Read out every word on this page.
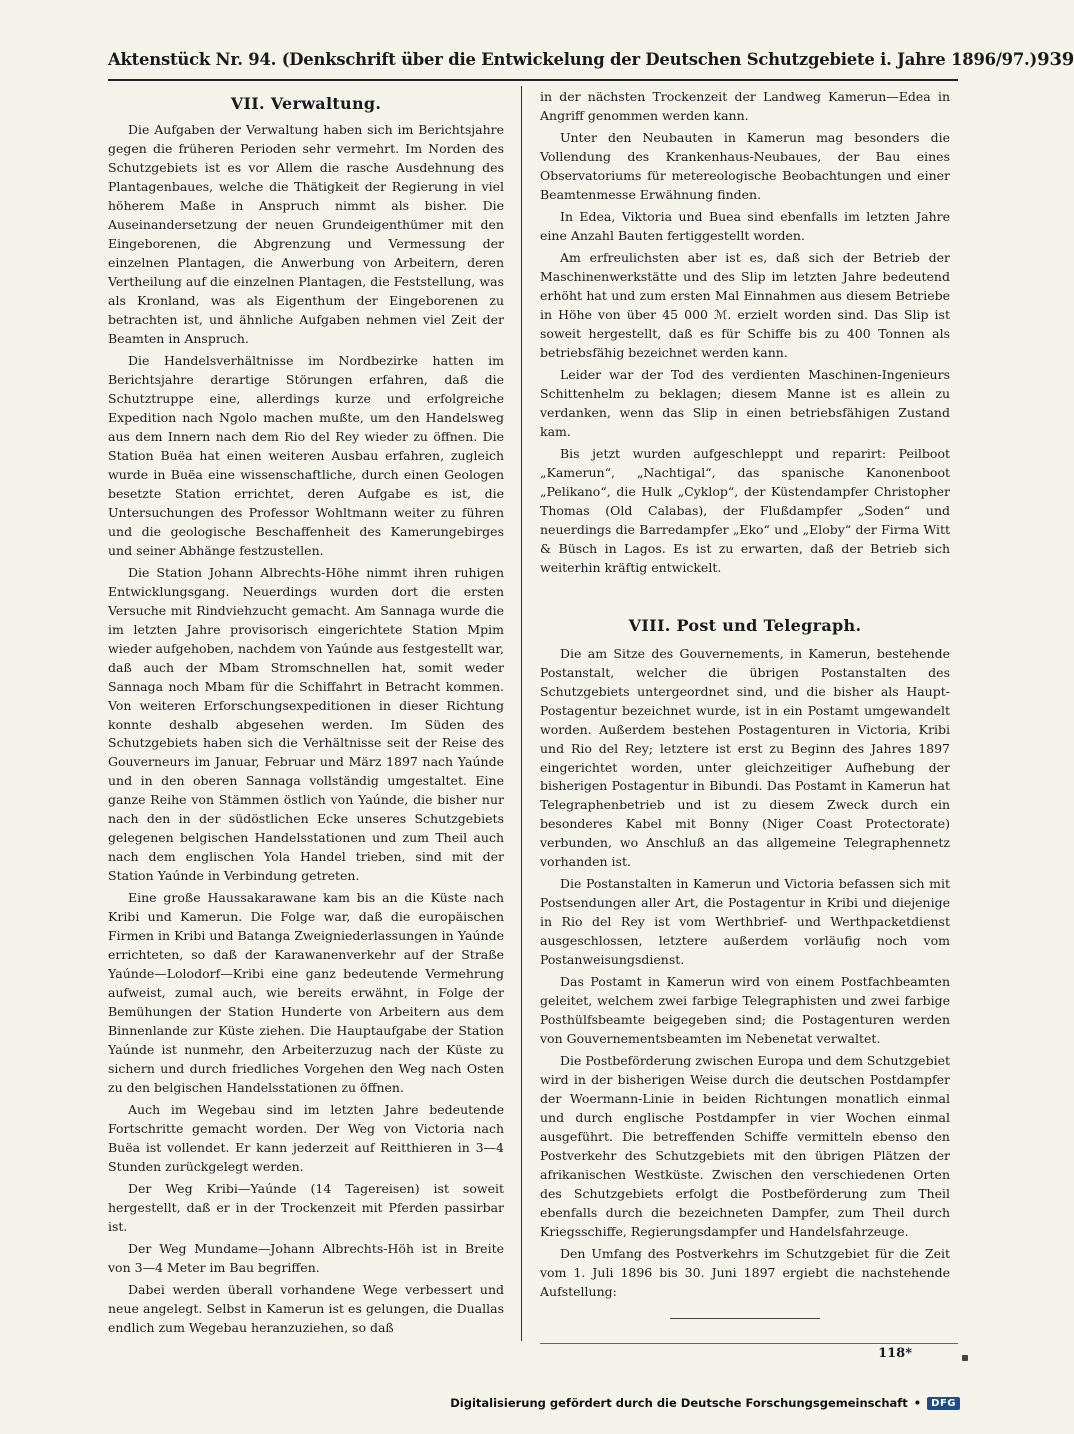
Aktenstück Nr. 94. (Denkschrift über die Entwickelung der Deutschen Schutzgebiete i. Jahre 1896/97.) 939
VII. Verwaltung.

Die Aufgaben der Verwaltung haben sich im Berichtsjahre gegen die früheren Perioden sehr vermehrt. Im Norden des Schutzgebiets ist es vor Allem die rasche Ausdehnung des Plantagenbaues, welche die Thätigkeit der Regierung in viel höherem Maße in Anspruch nimmt als bisher. Die Auseinandersetzung der neuen Grundeigenthümer mit den Eingeborenen, die Abgrenzung und Vermessung der einzelnen Plantagen, die Anwerbung von Arbeitern, deren Vertheilung auf die einzelnen Plantagen, die Feststellung, was als Kronland, was als Eigenthum der Eingeborenen zu betrachten ist, und ähnliche Aufgaben nehmen viel Zeit der Beamten in Anspruch.

Die Handelsverhältnisse im Nordbezirke hatten im Berichtsjahre derartige Störungen erfahren, daß die Schutztruppe eine, allerdings kurze und erfolgreiche Expedition nach Ngolo machen mußte, um den Handelsweg aus dem Innern nach dem Rio del Rey wieder zu öffnen. Die Station Buëa hat einen weiteren Ausbau erfahren, zugleich wurde in Buëa eine wissenschaftliche, durch einen Geologen besetzte Station errichtet, deren Aufgabe es ist, die Untersuchungen des Professor Wohltmann weiter zu führen und die geologische Beschaffenheit des Kamerungebirges und seiner Abhänge festzustellen.

Die Station Johann Albrechts-Höhe nimmt ihren ruhigen Entwicklungsgang. Neuerdings wurden dort die ersten Versuche mit Rindviehzucht gemacht. Am Sannaga wurde die im letzten Jahre provisorisch eingerichtete Station Mpim wieder aufgehoben, nachdem von Yaúnde aus festgestellt war, daß auch der Mbam Stromschnellen hat, somit weder Sannaga noch Mbam für die Schiffahrt in Betracht kommen. Von weiteren Erforschungsexpeditionen in dieser Richtung konnte deshalb abgesehen werden. Im Süden des Schutzgebiets haben sich die Verhältnisse seit der Reise des Gouverneurs im Januar, Februar und März 1897 nach Yaúnde und in den oberen Sannaga vollständig umgestaltet. Eine ganze Reihe von Stämmen östlich von Yaúnde, die bisher nur nach den in der südöstlichen Ecke unseres Schutzgebiets gelegenen belgischen Handelsstationen und zum Theil auch nach dem englischen Yola Handel trieben, sind mit der Station Yaúnde in Verbindung getreten.

Eine große Haussakarawane kam bis an die Küste nach Kribi und Kamerun. Die Folge war, daß die europäischen Firmen in Kribi und Batanga Zweigniederlassungen in Yaúnde errichteten, so daß der Karawanenverkehr auf der Straße Yaúnde—Lolodorf—Kribi eine ganz bedeutende Vermehrung aufweist, zumal auch, wie bereits erwähnt, in Folge der Bemühungen der Station Hunderte von Arbeitern aus dem Binnenlande zur Küste ziehen. Die Hauptaufgabe der Station Yaúnde ist nunmehr, den Arbeiterzuzug nach der Küste zu sichern und durch friedliches Vorgehen den Weg nach Osten zu den belgischen Handelsstationen zu öffnen.

Auch im Wegebau sind im letzten Jahre bedeutende Fortschritte gemacht worden. Der Weg von Victoria nach Buëa ist vollendet. Er kann jederzeit auf Reitthieren in 3—4 Stunden zurückgelegt werden.

Der Weg Kribi—Yaúnde (14 Tagereisen) ist soweit hergestellt, daß er in der Trockenzeit mit Pferden passirbar ist.

Der Weg Mundame—Johann Albrechts-Höh ist in Breite von 3—4 Meter im Bau begriffen.

Dabei werden überall vorhandene Wege verbessert und neue angelegt. Selbst in Kamerun ist es gelungen, die Duallas endlich zum Wegebau heranzuziehen, so daß

in der nächsten Trockenzeit der Landweg Kamerun—Edea in Angriff genommen werden kann.

Unter den Neubauten in Kamerun mag besonders die Vollendung des Krankenhaus-Neubaues, der Bau eines Observatoriums für metereologische Beobachtungen und einer Beamtenmesse Erwähnung finden.

In Edea, Viktoria und Buea sind ebenfalls im letzten Jahre eine Anzahl Bauten fertiggestellt worden.

Am erfreulichsten aber ist es, daß sich der Betrieb der Maschinenwerkstätte und des Slip im letzten Jahre bedeutend erhöht hat und zum ersten Mal Einnahmen aus diesem Betriebe in Höhe von über 45 000 ℳ. erzielt worden sind. Das Slip ist soweit hergestellt, daß es für Schiffe bis zu 400 Tonnen als betriebsfähig bezeichnet werden kann.

Leider war der Tod des verdienten Maschinen-Ingenieurs Schittenhelm zu beklagen; diesem Manne ist es allein zu verdanken, wenn das Slip in einen betriebsfähigen Zustand kam.

Bis jetzt wurden aufgeschleppt und reparirt: Peilboot „Kamerun“, „Nachtigal“, das spanische Kanonenboot „Pelikano“, die Hulk „Cyklop“, der Küstendampfer Christopher Thomas (Old Calabas), der Flußdampfer „Soden“ und neuerdings die Barredampfer „Eko“ und „Eloby“ der Firma Witt & Büsch in Lagos. Es ist zu erwarten, daß der Betrieb sich weiterhin kräftig entwickelt.

VIII. Post und Telegraph.

Die am Sitze des Gouvernements, in Kamerun, bestehende Postanstalt, welcher die übrigen Postanstalten des Schutzgebiets untergeordnet sind, und die bisher als Haupt-Postagentur bezeichnet wurde, ist in ein Postamt umgewandelt worden. Außerdem bestehen Postagenturen in Victoria, Kribi und Rio del Rey; letztere ist erst zu Beginn des Jahres 1897 eingerichtet worden, unter gleichzeitiger Aufhebung der bisherigen Postagentur in Bibundi. Das Postamt in Kamerun hat Telegraphenbetrieb und ist zu diesem Zweck durch ein besonderes Kabel mit Bonny (Niger Coast Protectorate) verbunden, wo Anschluß an das allgemeine Telegraphennetz vorhanden ist.

Die Postanstalten in Kamerun und Victoria befassen sich mit Postsendungen aller Art, die Postagentur in Kribi und diejenige in Rio del Rey ist vom Werthbrief- und Werthpacketdienst ausgeschlossen, letztere außerdem vorläufig noch vom Postanweisungsdienst.

Das Postamt in Kamerun wird von einem Postfachbeamten geleitet, welchem zwei farbige Telegraphisten und zwei farbige Posthülfsbeamte beigegeben sind; die Postagenturen werden von Gouvernementsbeamten im Nebenetat verwaltet.

Die Postbeförderung zwischen Europa und dem Schutzgebiet wird in der bisherigen Weise durch die deutschen Postdampfer der Woermann-Linie in beiden Richtungen monatlich einmal und durch englische Postdampfer in vier Wochen einmal ausgeführt. Die betreffenden Schiffe vermitteln ebenso den Postverkehr des Schutzgebiets mit den übrigen Plätzen der afrikanischen Westküste. Zwischen den verschiedenen Orten des Schutzgebiets erfolgt die Postbeförderung zum Theil ebenfalls durch die bezeichneten Dampfer, zum Theil durch Kriegsschiffe, Regierungsdampfer und Handelsfahrzeuge.

Den Umfang des Postverkehrs im Schutzgebiet für die Zeit vom 1. Juli 1896 bis 30. Juni 1897 ergiebt die nachstehende Aufstellung:

118*
Digitalisierung gefördert durch die Deutsche Forschungsgemeinschaft •	DFG
